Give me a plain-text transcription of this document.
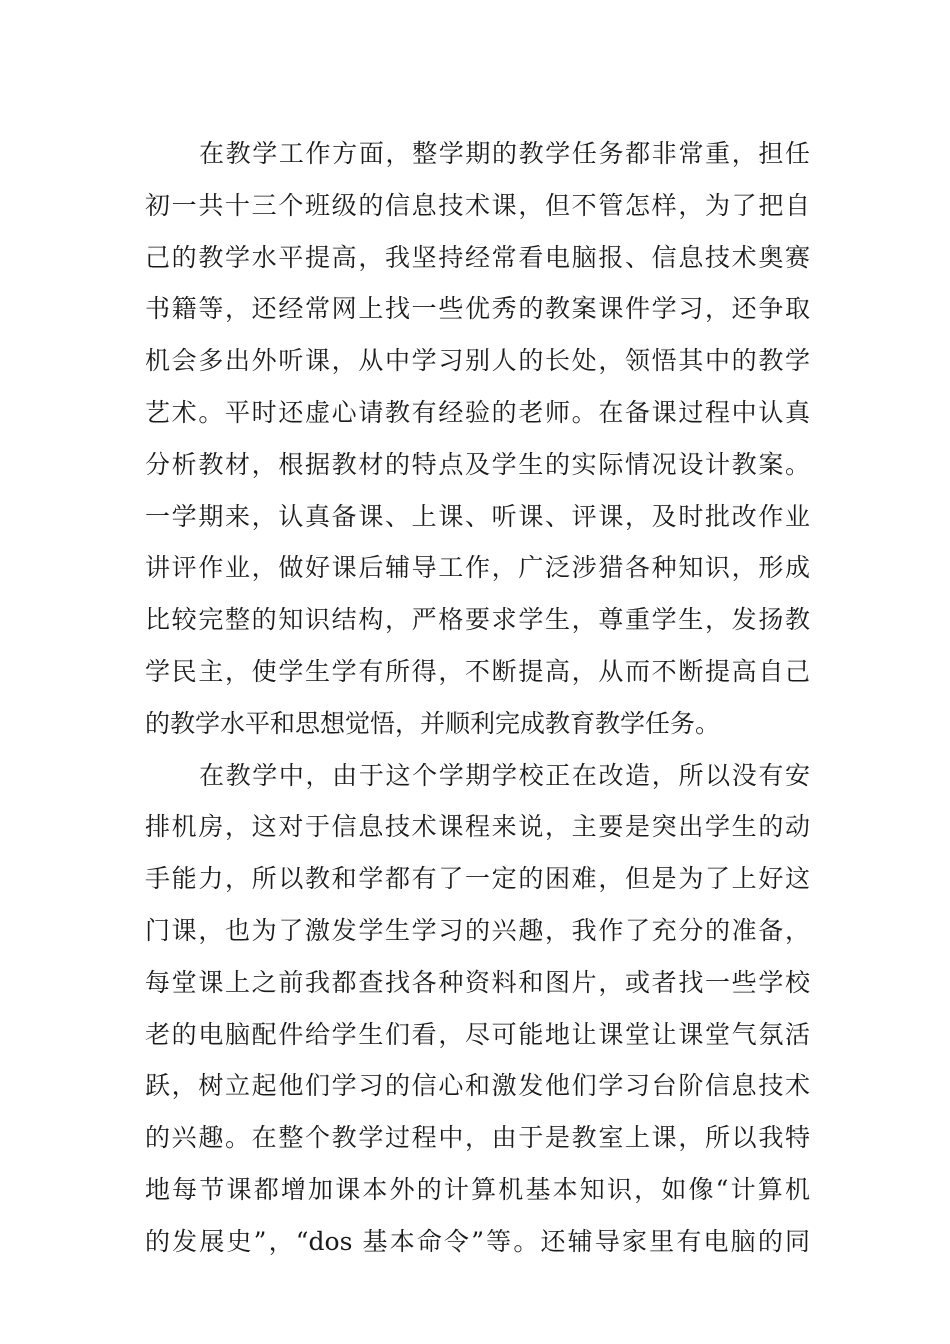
在教学工作方面，整学期的教学任务都非常重，担任
初一共十三个班级的信息技术课，但不管怎样，为了把自
己的教学水平提高，我坚持经常看电脑报、信息技术奥赛
书籍等，还经常网上找一些优秀的教案课件学习，还争取
机会多出外听课，从中学习别人的长处，领悟其中的教学
艺术。平时还虚心请教有经验的老师。在备课过程中认真
分析教材，根据教材的特点及学生的实际情况设计教案。
一学期来，认真备课、上课、听课、评课，及时批改作业
讲评作业，做好课后辅导工作，广泛涉猎各种知识，形成
比较完整的知识结构，严格要求学生，尊重学生，发扬教
学民主，使学生学有所得，不断提高，从而不断提高自己
的教学水平和思想觉悟，并顺利完成教育教学任务。
在教学中，由于这个学期学校正在改造，所以没有安
排机房，这对于信息技术课程来说，主要是突出学生的动
手能力，所以教和学都有了一定的困难，但是为了上好这
门课，也为了激发学生学习的兴趣，我作了充分的准备，
每堂课上之前我都查找各种资料和图片，或者找一些学校
老的电脑配件给学生们看，尽可能地让课堂让课堂气氛活
跃，树立起他们学习的信心和激发他们学习台阶信息技术
的兴趣。在整个教学过程中，由于是教室上课，所以我特
地每节课都增加课本外的计算机基本知识，如像“计算机
的发展史”，“dos 基本命令”等。还辅导家里有电脑的同
